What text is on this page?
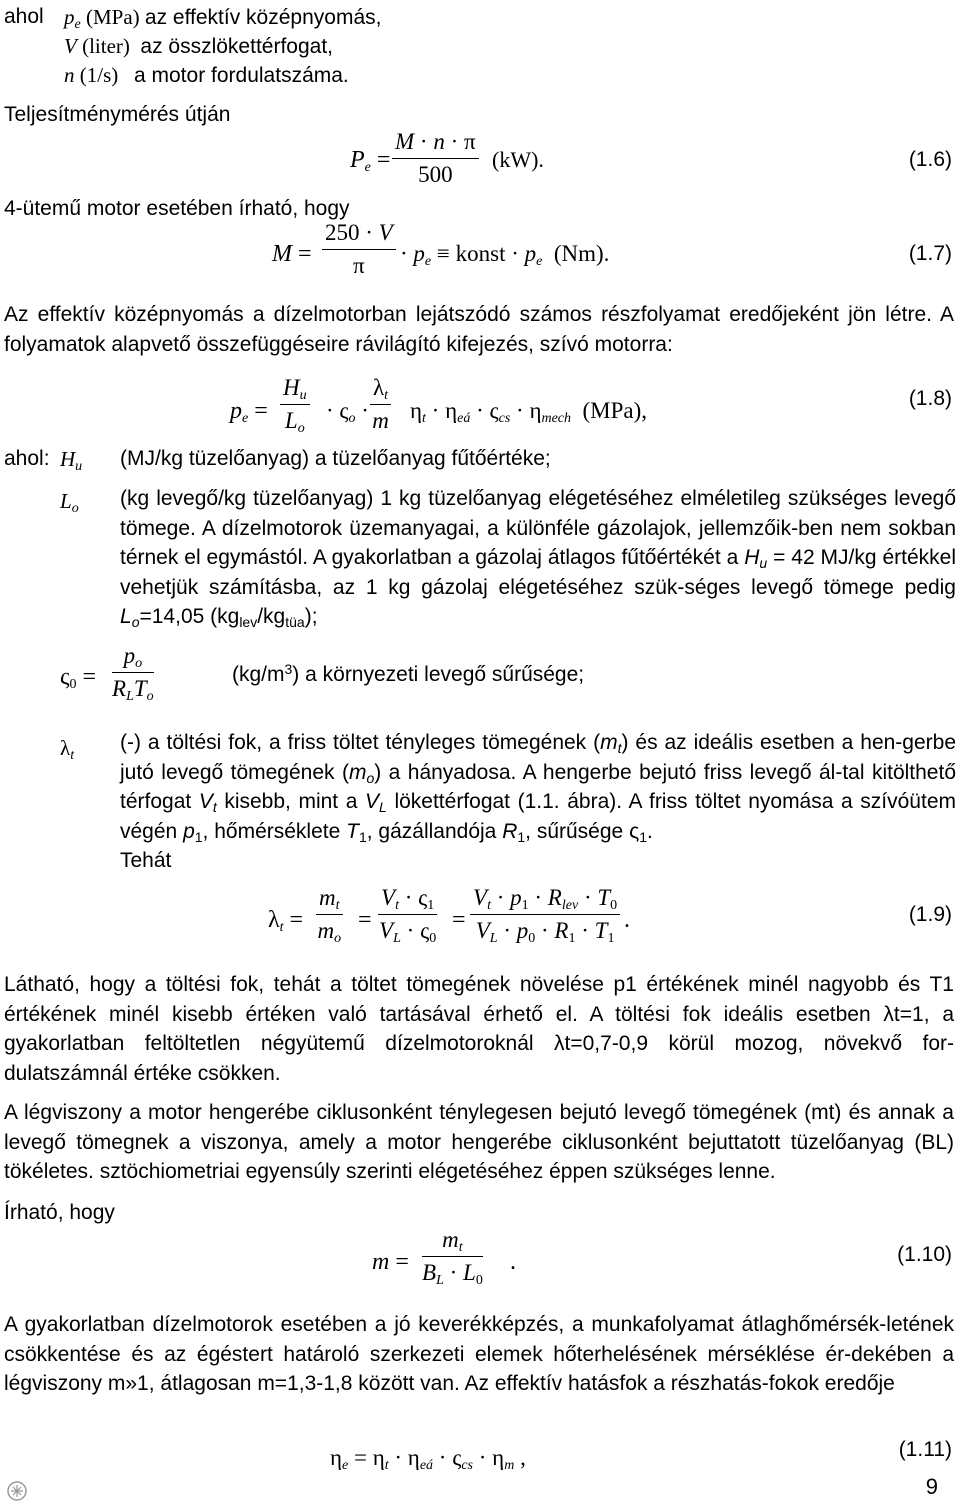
ahol $p_e$ (MPa) az effektív középnyomás,
V (liter) az összlökettérfogat,
n (1/s) a motor fordulatszáma.
Teljesítménymérés útján
$P_e = \frac{M \cdot n \cdot \pi}{500} (kW)$.	(1.6)
4-ütemű motor esetében írható, hogy
$M = \frac{250 \cdot V}{\pi} \cdot p_e$ ≡ konst · $p_e$ (Nm).	(1.7)
Az effektív középnyomás a dízelmotorban lejátszódó számos részfolyamat eredőjeként jön létre. A folyamatok alapvető összefüggéseire rávilágító kifejezés, szívó motorra:
$p_e = \frac{H_u}{L_o} \cdot \varsigma_o \cdot \frac{\lambda_t}{m} \eta_t \cdot \eta_{eá} \cdot \varsigma_{cs} \cdot \eta_{mech}$ (MPa),	(1.8)
ahol: $H_u$ (MJ/kg tüzelőanyag) a tüzelőanyag fűtőértéke;
$L_o$ (kg levegő/kg tüzelőanyag) 1 kg tüzelőanyag elégetéséhez elméletileg szükséges levegő tömege. A dízelmotorok üzemanyagai, a különféle gázolajok, jellemzőik-ben nem sokban térnek el egymástól. A gyakorlatban a gázolaj átlagos fűtőértékét a $H_u = 42$ MJ/kg értékkel vehetjük számításba, az 1 kg gázolaj elégetéséhez szük-séges levegő tömege pedig $L_o=14,05$ $(kg_{lev}/kg_{tüa})$;
$\varsigma_0$ =
$p_o$
$R_LT_o$
$(kg/m^3)$ a környezeti levegő sűrűsége;
$\lambda_t$
(-) a töltési fok, a friss töltet tényleges tömegének $(m_t)$ és az ideális esetben a hen-gerbe jutó levegő tömegének $(m_o)$ a hányadosa. A hengerbe bejutó friss levegő ál-tal kitölthető térfogat $V_t$ kisebb, mint a $V_L$ lökettérfogat (1.1. ábra). A friss töltet nyomása a szívóütem végén $p_1$, hőmérséklete $T_1$, gázállandója $R_1$, sűrűsége $\varsigma_1$.
Tehát
$\lambda_t = \frac{m_t}{m_o} = \frac{V_t \cdot \varsigma_1}{V_L \cdot \varsigma_0}$ =
$V_t \cdot p_1 \cdot R_{lev} \cdot T_0$
$V_L \cdot p_0 \cdot R_1 \cdot T_1$
.	(1.9)
Látható, hogy a töltési fok, tehát a töltet tömegének növelése p1 értékének minél nagyobb és T1 értékének minél kisebb értéken való tartásával érhető el. A töltési fok ideális esetben λt=1, a gyakorlatban feltöltetlen négyütemű dízelmotoroknál λt=0,7-0,9 körül mozog, növekvő for-dulatszámnál értéke csökken.
A légviszony a motor hengerébe ciklusonként ténylegesen bejutó levegő tömegének (mt) és annak a levegő tömegnek a viszonya, amely a motor hengerébe ciklusonként bejuttatott tüzelőanyag (BL) tökéletes. sztöchiometriai egyensúly szerinti elégetéséhez éppen szükséges lenne.
Írható, hogy
$m = \frac{m_t}{B_L \cdot L_0}$ .	(1.10)
A gyakorlatban dízelmotorok esetében a jó keverékképzés, a munkafolyamat átlaghőmérsék-letének csökkentése és az égéstert határoló szerkezeti elemek hőterhelésének mérséklése ér-dekében a légviszony m»1, átlagosan m=1,3-1,8 között van. Az effektív hatásfok a részhatás-fokok eredője
$\eta_e = \eta_t \cdot \eta_{eá} \cdot \varsigma_{cs} \cdot \eta_m$ ,	(1.11)
9
